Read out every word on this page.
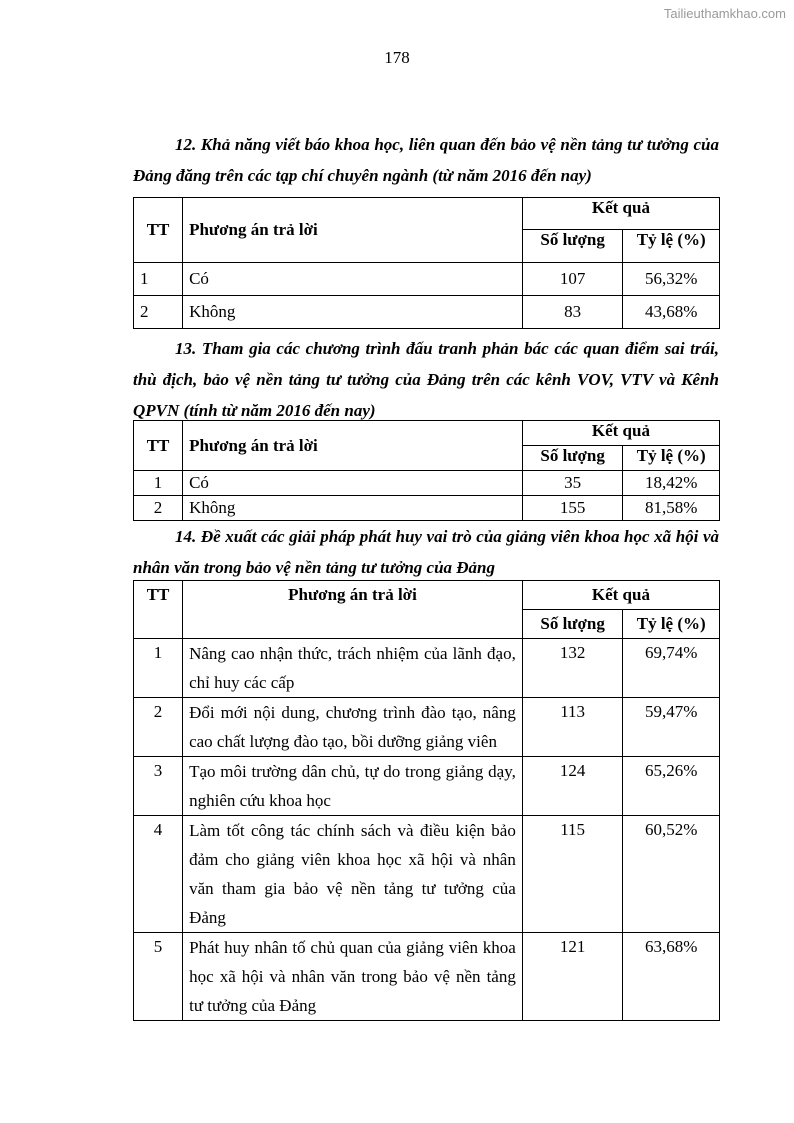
Tailieuthamkhao.com
178

12. Khả năng viết báo khoa học, liên quan đến bảo vệ nền tảng tư tưởng của Đảng đăng trên các tạp chí chuyên ngành (từ năm 2016 đến nay)

TT	Phương án trả lời	Kết quả	
		Số lượng	Tỷ lệ (%)
1	Có	107	56,32%
2	Không	83	43,68%

13. Tham gia các chương trình đấu tranh phản bác các quan điểm sai trái, thù địch, bảo vệ nền tảng tư tưởng của Đảng trên các kênh VOV, VTV và Kênh QPVN (tính từ năm 2016 đến nay)

TT	Phương án trả lời	Kết quả	
		Số lượng	Tỷ lệ (%)
1	Có	35	18,42%
2	Không	155	81,58%

14. Đề xuất các giải pháp phát huy vai trò của giảng viên khoa học xã hội và nhân văn trong bảo vệ nền tảng tư tưởng của Đảng

TT	Phương án trả lời	Kết quả	
		Số lượng	Tỷ lệ (%)
1	Nâng cao nhận thức, trách nhiệm của lãnh đạo, chỉ huy các cấp	132	69,74%
2	Đổi mới nội dung, chương trình đào tạo, nâng cao chất lượng đào tạo, bồi dưỡng giảng viên	113	59,47%
3	Tạo môi trường dân chủ, tự do trong giảng dạy, nghiên cứu khoa học	124	65,26%
4	Làm tốt công tác chính sách và điều kiện bảo đảm cho giảng viên khoa học xã hội và nhân văn tham gia bảo vệ nền tảng tư tưởng của Đảng	115	60,52%
5	Phát huy nhân tố chủ quan của giảng viên khoa học xã hội và nhân văn trong bảo vệ nền tảng tư tưởng của Đảng	121	63,68%
